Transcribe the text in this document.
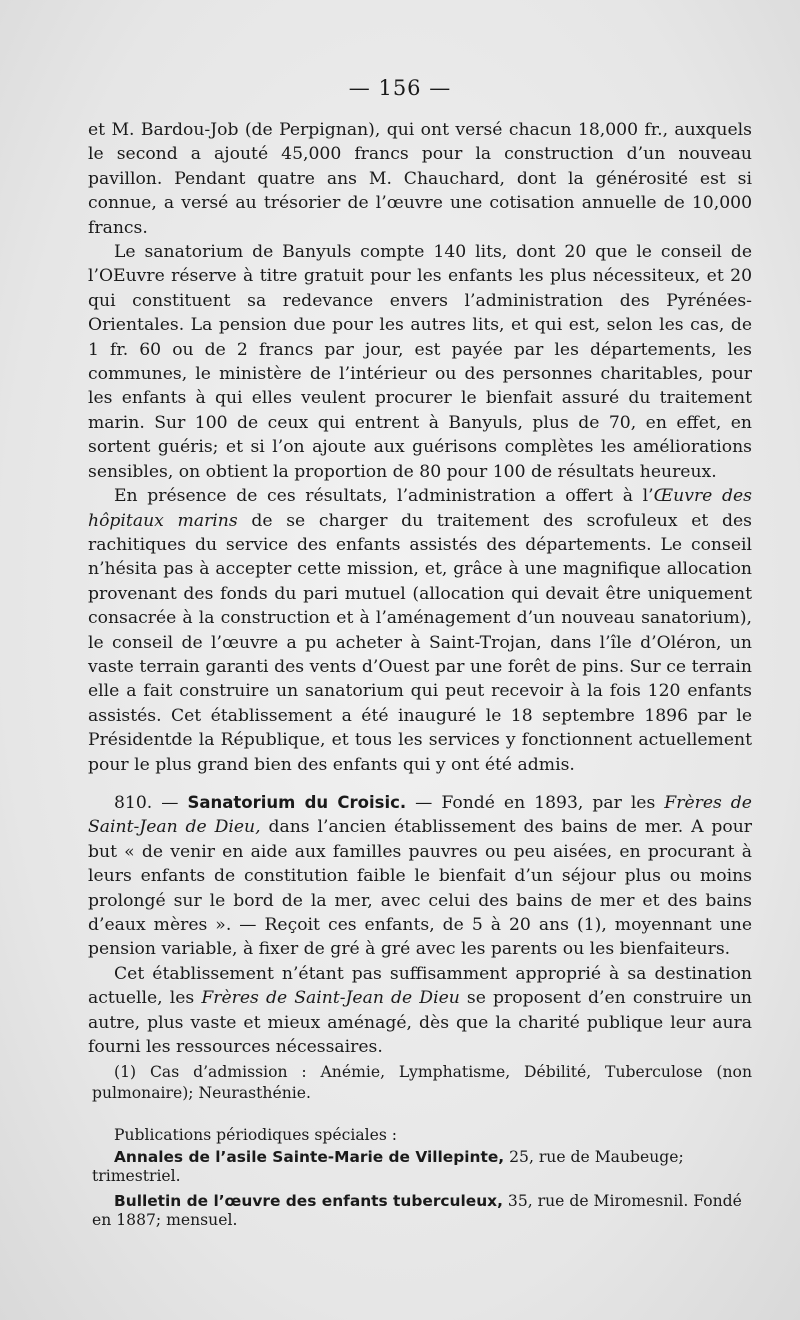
— 156 —

et M. Bardou-Job (de Perpignan), qui ont versé chacun 18,000 fr., auxquels le second a ajouté 45,000 francs pour la construction d’un nouveau pavillon. Pendant quatre ans M. Chauchard, dont la générosité est si connue, a versé au trésorier de l’œuvre une cotisation annuelle de 10,000 francs.

Le sanatorium de Banyuls compte 140 lits, dont 20 que le conseil de l’OEuvre réserve à titre gratuit pour les enfants les plus nécessiteux, et 20 qui constituent sa redevance envers l’administration des Pyrénées-Orientales. La pension due pour les autres lits, et qui est, selon les cas, de 1 fr. 60 ou de 2 francs par jour, est payée par les départements, les communes, le ministère de l’intérieur ou des personnes charitables, pour les enfants à qui elles veulent procurer le bienfait assuré du traitement marin. Sur 100 de ceux qui entrent à Banyuls, plus de 70, en effet, en sortent guéris; et si l’on ajoute aux guérisons complètes les améliorations sensibles, on obtient la proportion de 80 pour 100 de résultats heureux.

En présence de ces résultats, l’administration a offert à l’Œuvre des hôpitaux marins de se charger du traitement des scrofuleux et des rachitiques du service des enfants assistés des départements. Le conseil n’hésita pas à accepter cette mission, et, grâce à une magnifique allocation provenant des fonds du pari mutuel (allocation qui devait être uniquement consacrée à la construction et à l’aménagement d’un nouveau sanatorium), le conseil de l’œuvre a pu acheter à Saint-Trojan, dans l’île d’Oléron, un vaste terrain garanti des vents d’Ouest par une forêt de pins. Sur ce terrain elle a fait construire un sanatorium qui peut recevoir à la fois 120 enfants assistés. Cet établissement a été inauguré le 18 septembre 1896 par le Présidentde la République, et tous les services y fonctionnent actuellement pour le plus grand bien des enfants qui y ont été admis.

810. — Sanatorium du Croisic. — Fondé en 1893, par les Frères de Saint-Jean de Dieu, dans l’ancien établissement des bains de mer. A pour but « de venir en aide aux familles pauvres ou peu aisées, en procurant à leurs enfants de constitution faible le bienfait d’un séjour plus ou moins prolongé sur le bord de la mer, avec celui des bains de mer et des bains d’eaux mères ». — Reçoit ces enfants, de 5 à 20 ans (1), moyennant une pension variable, à fixer de gré à gré avec les parents ou les bienfaiteurs.

Cet établissement n’étant pas suffisamment approprié à sa destination actuelle, les Frères de Saint-Jean de Dieu se proposent d’en construire un autre, plus vaste et mieux aménagé, dès que la charité publique leur aura fourni les ressources nécessaires.

(1) Cas d’admission : Anémie, Lymphatisme, Débilité, Tuberculose (non pulmonaire); Neurasthénie.

Publications périodiques spéciales :

Annales de l’asile Sainte-Marie de Villepinte, 25, rue de Maubeuge; trimestriel.

Bulletin de l’œuvre des enfants tuberculeux, 35, rue de Miromesnil. Fondé en 1887; mensuel.
